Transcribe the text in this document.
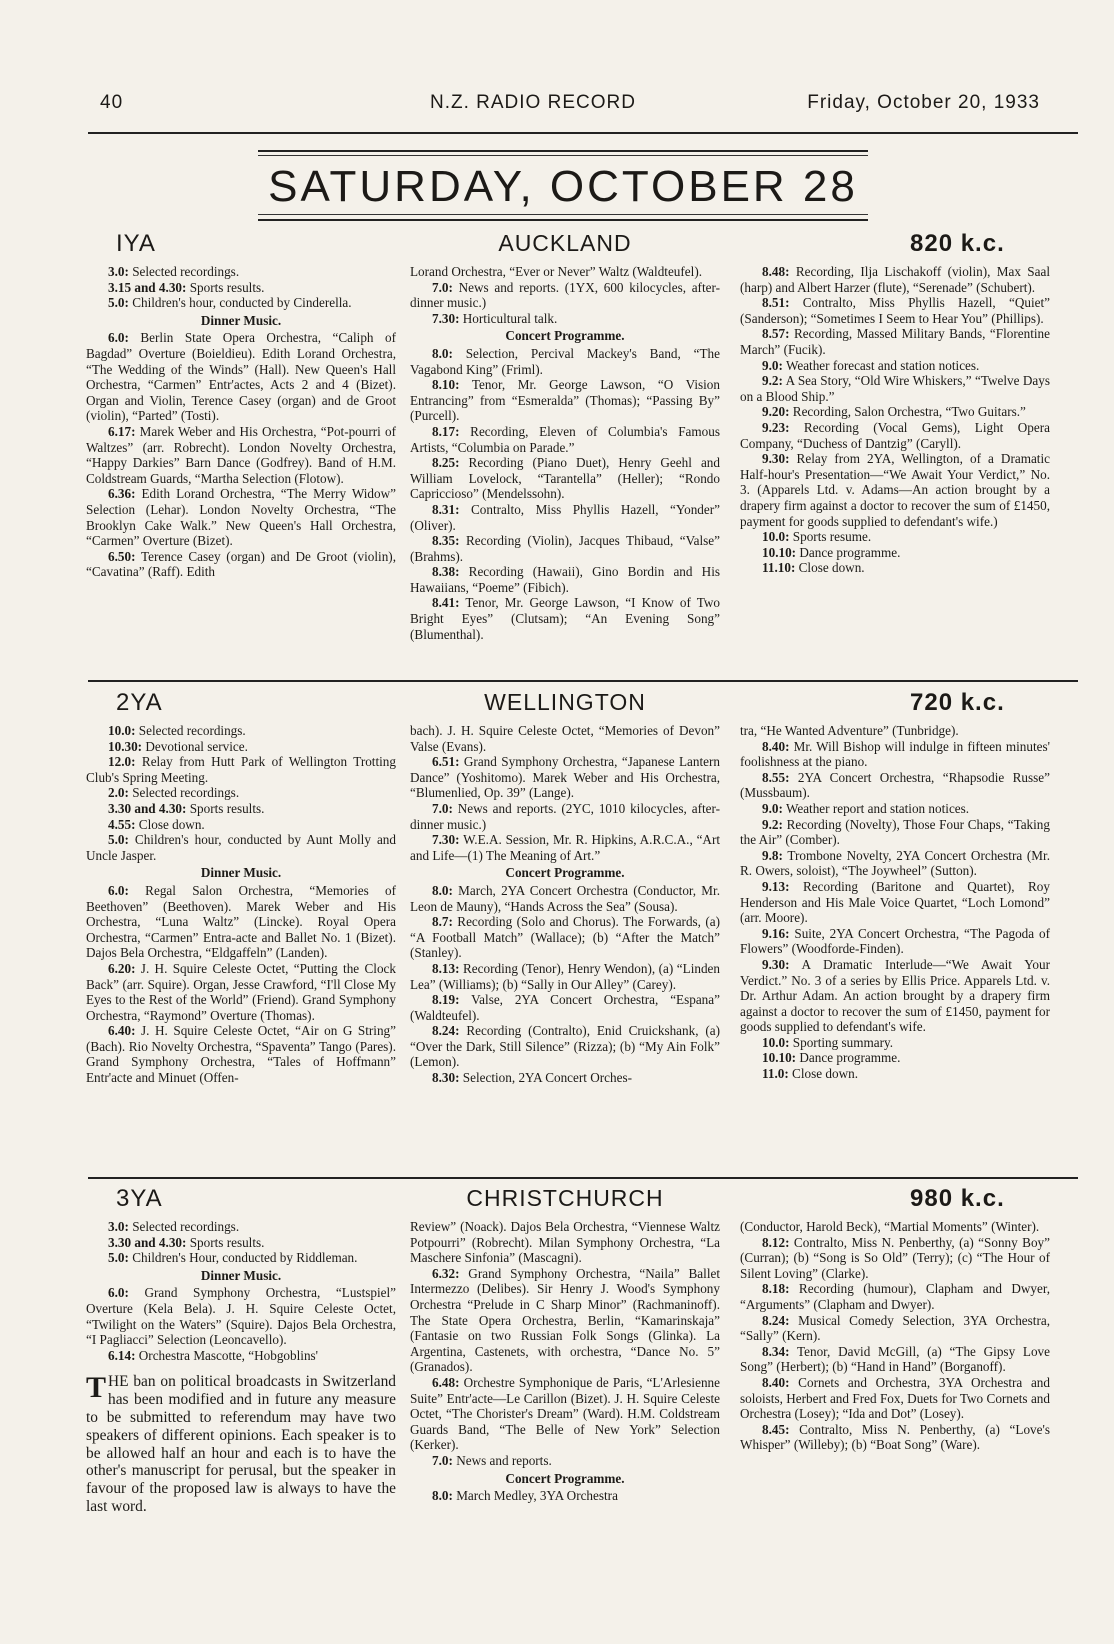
40	N.Z. RADIO RECORD	Friday, October 20, 1933
SATURDAY, OCTOBER 28
IYA	AUCKLAND	820 k.c.

3.0: Selected recordings.

3.15 and 4.30: Sports results.

5.0: Children's hour, conducted by Cinderella.

Dinner Music.

6.0: Berlin State Opera Orchestra, “Caliph of Bagdad” Overture (Boieldieu). Edith Lorand Orchestra, “The Wedding of the Winds” (Hall). New Queen's Hall Orchestra, “Carmen” Entr'actes, Acts 2 and 4 (Bizet). Organ and Violin, Terence Casey (organ) and de Groot (violin), “Parted” (Tosti).

6.17: Marek Weber and His Orchestra, “Pot-pourri of Waltzes” (arr. Robrecht). London Novelty Orchestra, “Happy Darkies” Barn Dance (Godfrey). Band of H.M. Coldstream Guards, “Martha Selection (Flotow).

6.36: Edith Lorand Orchestra, “The Merry Widow” Selection (Lehar). London Novelty Orchestra, “The Brooklyn Cake Walk.” New Queen's Hall Orchestra, “Carmen” Overture (Bizet).

6.50: Terence Casey (organ) and De Groot (violin), “Cavatina” (Raff). Edith

Lorand Orchestra, “Ever or Never” Waltz (Waldteufel).

7.0: News and reports. (1YX, 600 kilocycles, after-dinner music.)

7.30: Horticultural talk.

Concert Programme.

8.0: Selection, Percival Mackey's Band, “The Vagabond King” (Friml).

8.10: Tenor, Mr. George Lawson, “O Vision Entrancing” from “Esmeralda” (Thomas); “Passing By” (Purcell).

8.17: Recording, Eleven of Columbia's Famous Artists, “Columbia on Parade.”

8.25: Recording (Piano Duet), Henry Geehl and William Lovelock, “Tarantella” (Heller); “Rondo Capriccioso” (Mendelssohn).

8.31: Contralto, Miss Phyllis Hazell, “Yonder” (Oliver).

8.35: Recording (Violin), Jacques Thibaud, “Valse” (Brahms).

8.38: Recording (Hawaii), Gino Bordin and His Hawaiians, “Poeme” (Fibich).

8.41: Tenor, Mr. George Lawson, “I Know of Two Bright Eyes” (Clutsam); “An Evening Song” (Blumenthal).

8.48: Recording, Ilja Lischakoff (violin), Max Saal (harp) and Albert Harzer (flute), “Serenade” (Schubert).

8.51: Contralto, Miss Phyllis Hazell, “Quiet” (Sanderson); “Sometimes I Seem to Hear You” (Phillips).

8.57: Recording, Massed Military Bands, “Florentine March” (Fucik).

9.0: Weather forecast and station notices.

9.2: A Sea Story, “Old Wire Whiskers,” “Twelve Days on a Blood Ship.”

9.20: Recording, Salon Orchestra, “Two Guitars.”

9.23: Recording (Vocal Gems), Light Opera Company, “Duchess of Dantzig” (Caryll).

9.30: Relay from 2YA, Wellington, of a Dramatic Half-hour's Presentation—“We Await Your Verdict,” No. 3. (Apparels Ltd. v. Adams—An action brought by a drapery firm against a doctor to recover the sum of £1450, payment for goods supplied to defendant's wife.)

10.0: Sports resume.

10.10: Dance programme.

11.10: Close down.

2YA	WELLINGTON	720 k.c.

10.0: Selected recordings.

10.30: Devotional service.

12.0: Relay from Hutt Park of Wellington Trotting Club's Spring Meeting.

2.0: Selected recordings.

3.30 and 4.30: Sports results.

4.55: Close down.

5.0: Children's hour, conducted by Aunt Molly and Uncle Jasper.

Dinner Music.

6.0: Regal Salon Orchestra, “Memories of Beethoven” (Beethoven). Marek Weber and His Orchestra, “Luna Waltz” (Lincke). Royal Opera Orchestra, “Carmen” Entra-acte and Ballet No. 1 (Bizet). Dajos Bela Orchestra, “Eldgaffeln” (Landen).

6.20: J. H. Squire Celeste Octet, “Putting the Clock Back” (arr. Squire). Organ, Jesse Crawford, “I'll Close My Eyes to the Rest of the World” (Friend). Grand Symphony Orchestra, “Raymond” Overture (Thomas).

6.40: J. H. Squire Celeste Octet, “Air on G String” (Bach). Rio Novelty Orchestra, “Spaventa” Tango (Pares). Grand Symphony Orchestra, “Tales of Hoffmann” Entr'acte and Minuet (Offen-

bach). J. H. Squire Celeste Octet, “Memories of Devon” Valse (Evans).

6.51: Grand Symphony Orchestra, “Japanese Lantern Dance” (Yoshitomo). Marek Weber and His Orchestra, “Blumenlied, Op. 39” (Lange).

7.0: News and reports. (2YC, 1010 kilocycles, after-dinner music.)

7.30: W.E.A. Session, Mr. R. Hipkins, A.R.C.A., “Art and Life—(1) The Meaning of Art.”

Concert Programme.

8.0: March, 2YA Concert Orchestra (Conductor, Mr. Leon de Mauny), “Hands Across the Sea” (Sousa).

8.7: Recording (Solo and Chorus). The Forwards, (a) “A Football Match” (Wallace); (b) “After the Match” (Stanley).

8.13: Recording (Tenor), Henry Wendon), (a) “Linden Lea” (Williams); (b) “Sally in Our Alley” (Carey).

8.19: Valse, 2YA Concert Orchestra, “Espana” (Waldteufel).

8.24: Recording (Contralto), Enid Cruickshank, (a) “Over the Dark, Still Silence” (Rizza); (b) “My Ain Folk” (Lemon).

8.30: Selection, 2YA Concert Orches-

tra, “He Wanted Adventure” (Tunbridge).

8.40: Mr. Will Bishop will indulge in fifteen minutes' foolishness at the piano.

8.55: 2YA Concert Orchestra, “Rhapsodie Russe” (Mussbaum).

9.0: Weather report and station notices.

9.2: Recording (Novelty), Those Four Chaps, “Taking the Air” (Comber).

9.8: Trombone Novelty, 2YA Concert Orchestra (Mr. R. Owers, soloist), “The Joywheel” (Sutton).

9.13: Recording (Baritone and Quartet), Roy Henderson and His Male Voice Quartet, “Loch Lomond” (arr. Moore).

9.16: Suite, 2YA Concert Orchestra, “The Pagoda of Flowers” (Woodforde-Finden).

9.30: A Dramatic Interlude—“We Await Your Verdict.” No. 3 of a series by Ellis Price. Apparels Ltd. v. Dr. Arthur Adam. An action brought by a drapery firm against a doctor to recover the sum of £1450, payment for goods supplied to defendant's wife.

10.0: Sporting summary.

10.10: Dance programme.

11.0: Close down.

3YA	CHRISTCHURCH	980 k.c.

3.0: Selected recordings.

3.30 and 4.30: Sports results.

5.0: Children's Hour, conducted by Riddleman.

Dinner Music.

6.0: Grand Symphony Orchestra, “Lustspiel” Overture (Kela Bela). J. H. Squire Celeste Octet, “Twilight on the Waters” (Squire). Dajos Bela Orchestra, “I Pagliacci” Selection (Leoncavello).

6.14: Orchestra Mascotte, “Hobgoblins'

THE ban on political broadcasts in Switzerland has been modified and in future any measure to be submitted to referendum may have two speakers of different opinions. Each speaker is to be allowed half an hour and each is to have the other's manuscript for perusal, but the speaker in favour of the proposed law is always to have the last word.

Review” (Noack). Dajos Bela Orchestra, “Viennese Waltz Potpourri” (Robrecht). Milan Symphony Orchestra, “La Maschere Sinfonia” (Mascagni).

6.32: Grand Symphony Orchestra, “Naila” Ballet Intermezzo (Delibes). Sir Henry J. Wood's Symphony Orchestra “Prelude in C Sharp Minor” (Rachmaninoff). The State Opera Orchestra, Berlin, “Kamarinskaja” (Fantasie on two Russian Folk Songs (Glinka). La Argentina, Castenets, with orchestra, “Dance No. 5” (Granados).

6.48: Orchestre Symphonique de Paris, “L'Arlesienne Suite” Entr'acte—Le Carillon (Bizet). J. H. Squire Celeste Octet, “The Chorister's Dream” (Ward). H.M. Coldstream Guards Band, “The Belle of New York” Selection (Kerker).

7.0: News and reports.

Concert Programme.

8.0: March Medley, 3YA Orchestra

(Conductor, Harold Beck), “Martial Moments” (Winter).

8.12: Contralto, Miss N. Penberthy, (a) “Sonny Boy” (Curran); (b) “Song is So Old” (Terry); (c) “The Hour of Silent Loving” (Clarke).

8.18: Recording (humour), Clapham and Dwyer, “Arguments” (Clapham and Dwyer).

8.24: Musical Comedy Selection, 3YA Orchestra, “Sally” (Kern).

8.34: Tenor, David McGill, (a) “The Gipsy Love Song” (Herbert); (b) “Hand in Hand” (Borganoff).

8.40: Cornets and Orchestra, 3YA Orchestra and soloists, Herbert and Fred Fox, Duets for Two Cornets and Orchestra (Losey); “Ida and Dot” (Losey).

8.45: Contralto, Miss N. Penberthy, (a) “Love's Whisper” (Willeby); (b) “Boat Song” (Ware).
